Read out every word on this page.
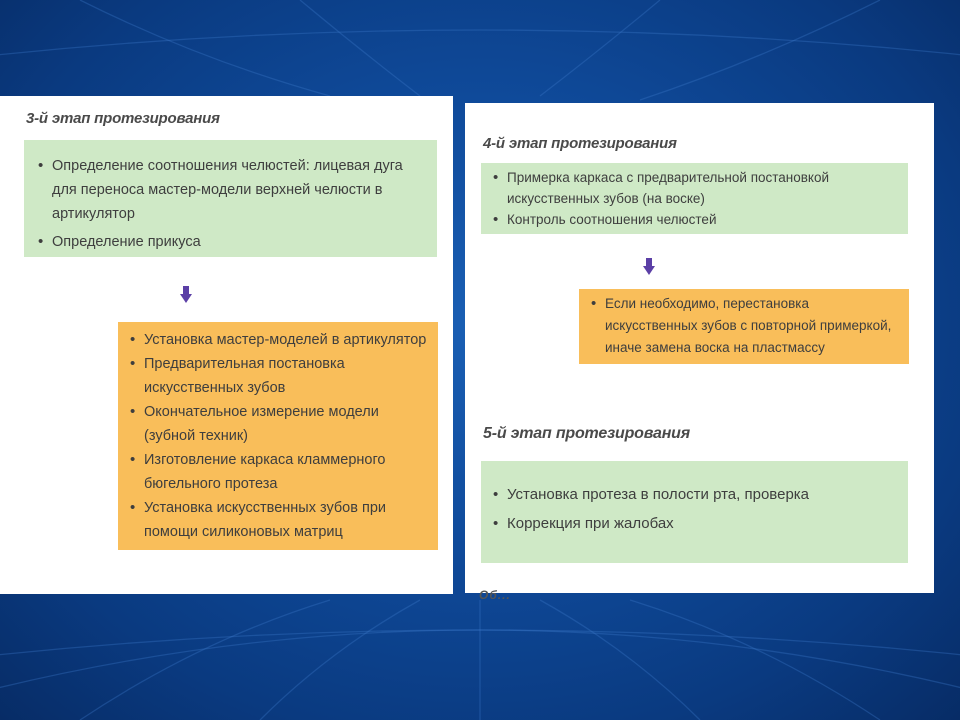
3-й этап протезирования
• Определение соотношения челюстей: лицевая дуга для переноса мастер-модели верхней челюсти в артикулятор
• Определение прикуса
• Установка мастер-моделей в артикулятор
• Предварительная постановка искусственных зубов
• Окончательное измерение модели (зубной техник)
• Изготовление каркаса кламмерного бюгельного протеза
• Установка искусственных зубов при помощи силиконовых матриц
4-й этап протезирования
• Примерка каркаса с предварительной постановкой искусственных зубов (на воске)
• Контроль соотношения челюстей
• Если необходимо, перестановка искусственных зубов с повторной примеркой, иначе замена воска на пластмассу
5-й этап протезирования
• Установка протеза в полости рта, проверка
• Коррекция при жалобах
Об...
